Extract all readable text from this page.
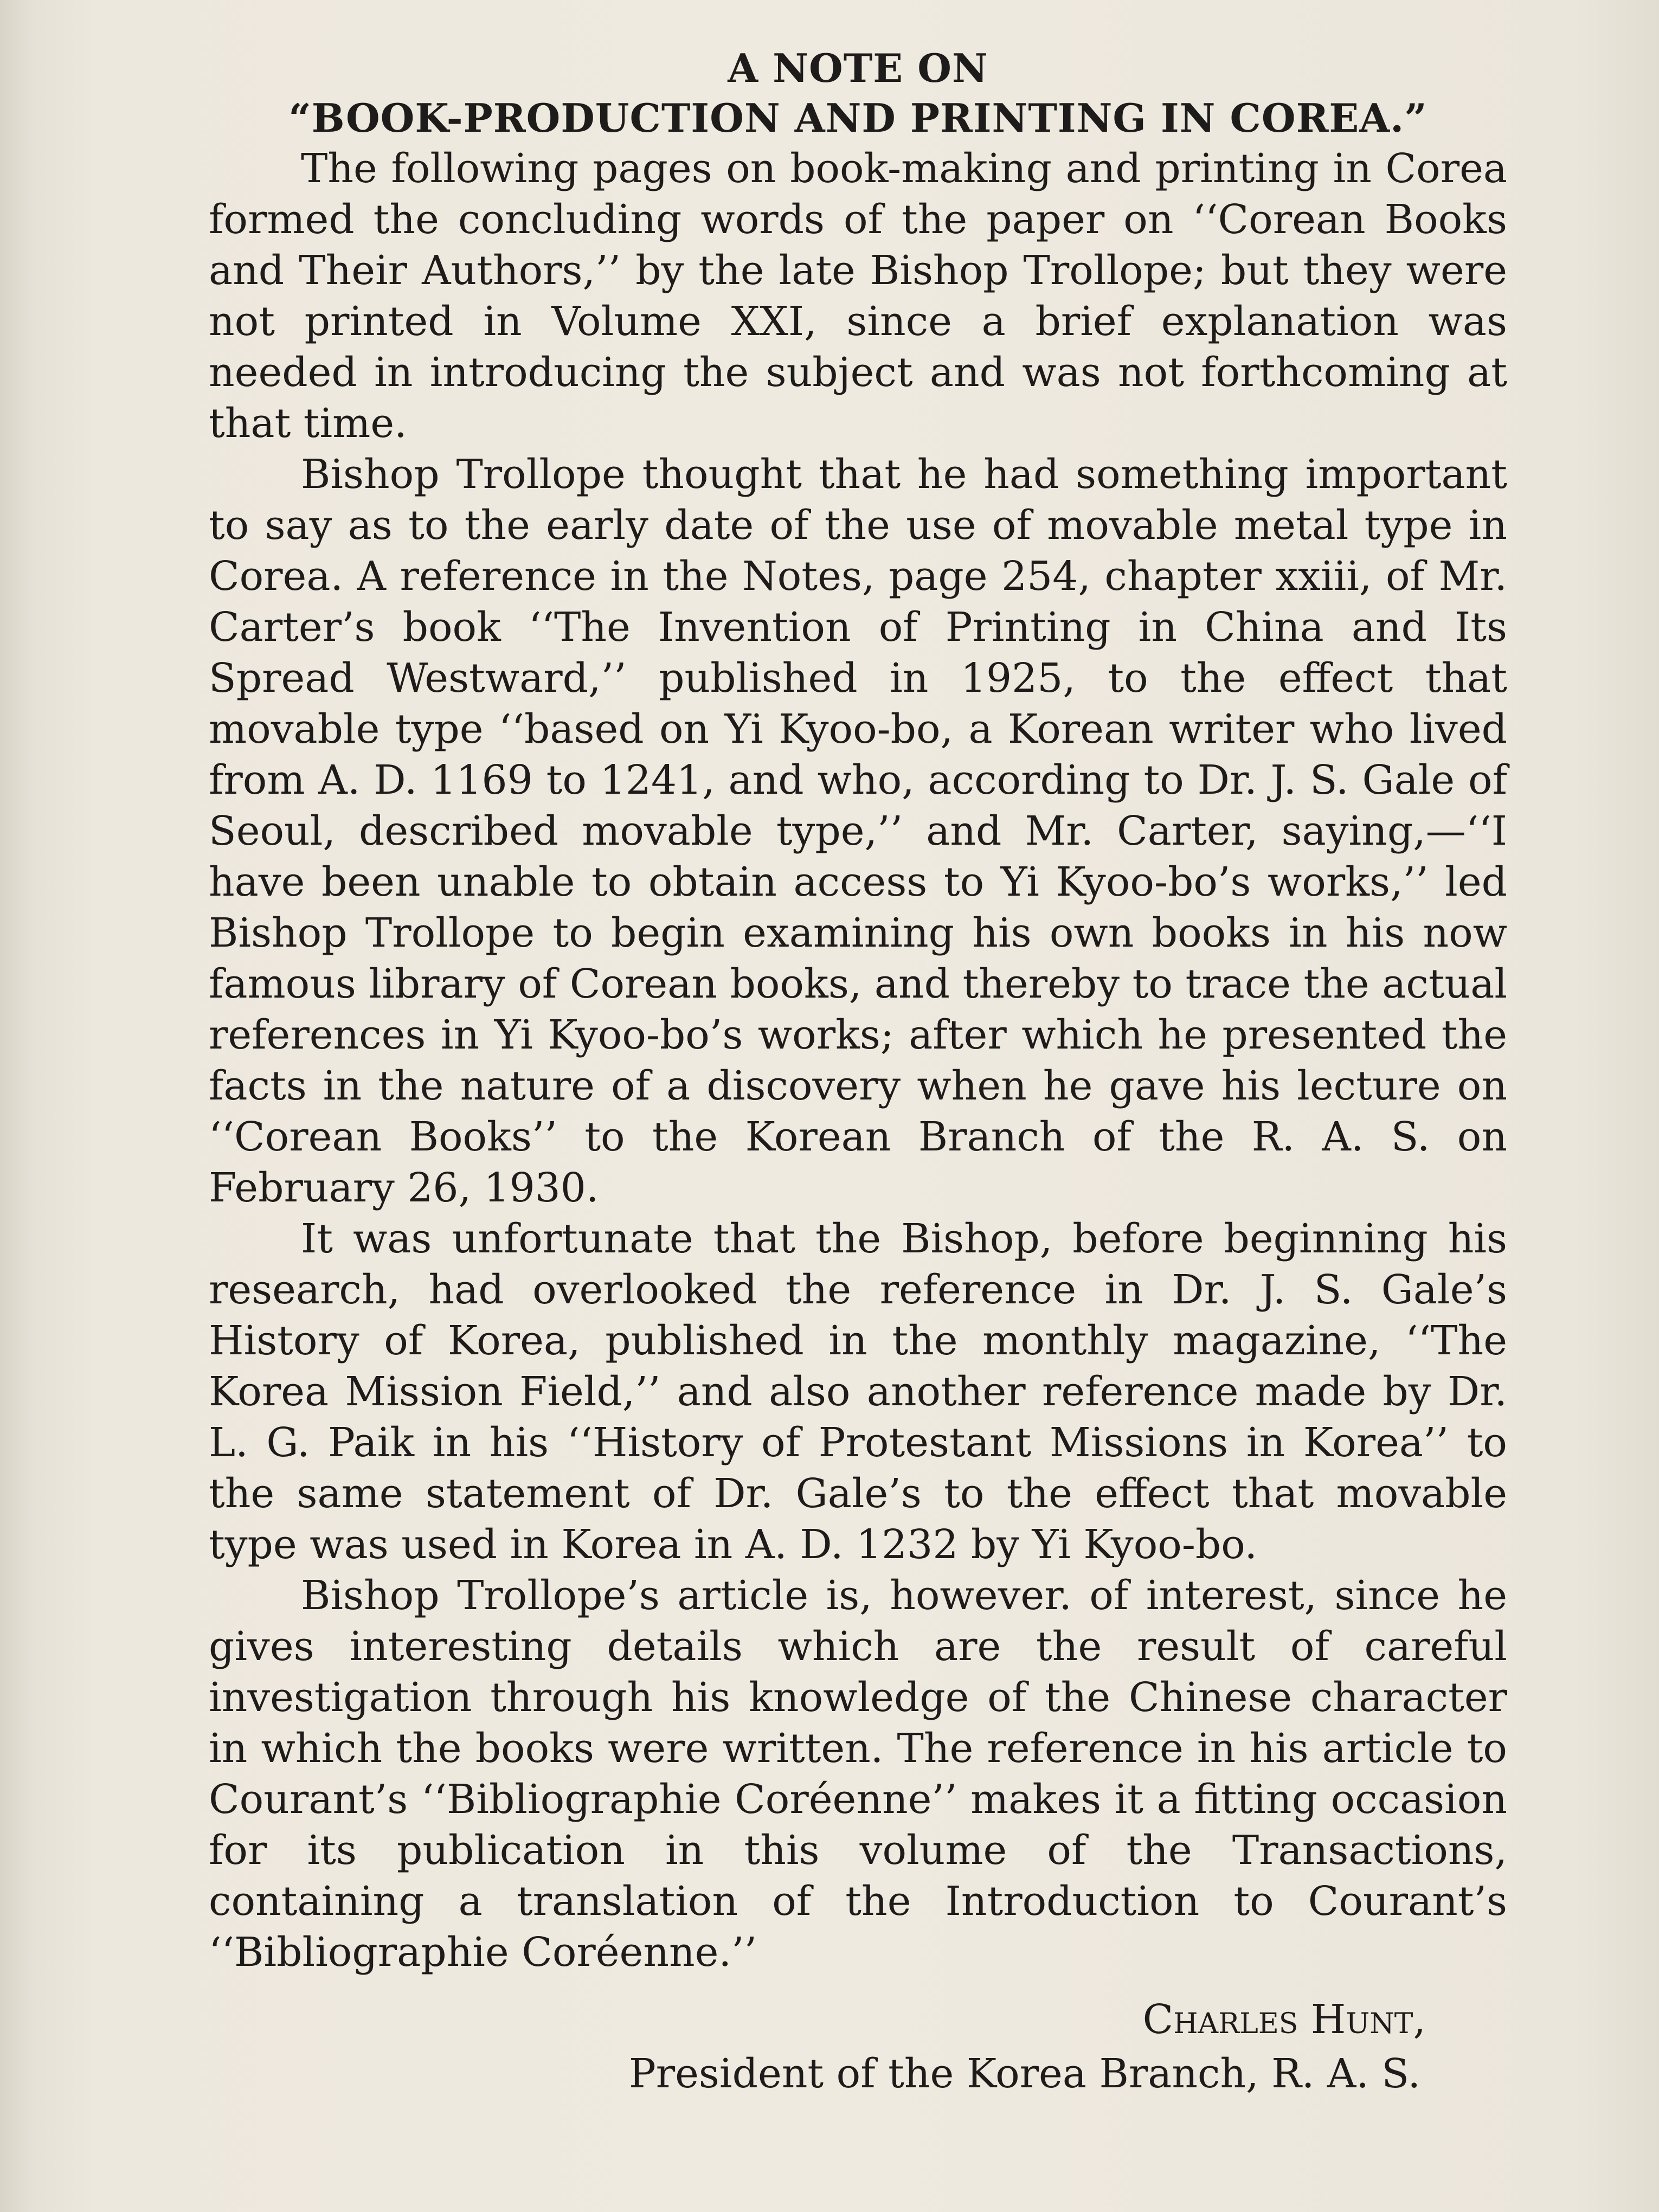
A NOTE ON
“BOOK-PRODUCTION AND PRINTING IN COREA.”

The following pages on book-making and printing in Corea formed the concluding words of the paper on ‘‘Corean Books and Their Authors,’’ by the late Bishop Trollope; but they were not printed in Volume XXI, since a brief explanation was needed in introducing the subject and was not forthcoming at that time.

Bishop Trollope thought that he had something important to say as to the early date of the use of movable metal type in Corea. A reference in the Notes, page 254, chapter xxiii, of Mr. Carter’s book ‘‘The Invention of Printing in China and Its Spread Westward,’’ published in 1925, to the effect that movable type ‘‘based on Yi Kyoo-bo, a Korean writer who lived from A. D. 1169 to 1241, and who, according to Dr. J. S. Gale of Seoul, described movable type,’’ and Mr. Carter, saying,—‘‘I have been unable to obtain access to Yi Kyoo-bo’s works,’’ led Bishop Trollope to begin examining his own books in his now famous library of Corean books, and thereby to trace the actual references in Yi Kyoo-bo’s works; after which he presented the facts in the nature of a discovery when he gave his lecture on ‘‘Corean Books’’ to the Korean Branch of the R. A. S. on February 26, 1930.

It was unfortunate that the Bishop, before beginning his research, had overlooked the reference in Dr. J. S. Gale’s History of Korea, published in the monthly magazine, ‘‘The Korea Mission Field,’’ and also another reference made by Dr. L. G. Paik in his ‘‘History of Protestant Missions in Korea’’ to the same statement of Dr. Gale’s to the effect that movable type was used in Korea in A. D. 1232 by Yi Kyoo-bo.

Bishop Trollope’s article is, however. of interest, since he gives interesting details which are the result of careful investigation through his knowledge of the Chinese character in which the books were written. The reference in his article to Courant’s ‘‘Bibliographie Coréenne’’ makes it a fitting occasion for its publication in this volume of the Transactions, containing a translation of the Introduction to Courant’s ‘‘Bibliographie Coréenne.’’

Charles Hunt,
President of the Korea Branch, R. A. S.
